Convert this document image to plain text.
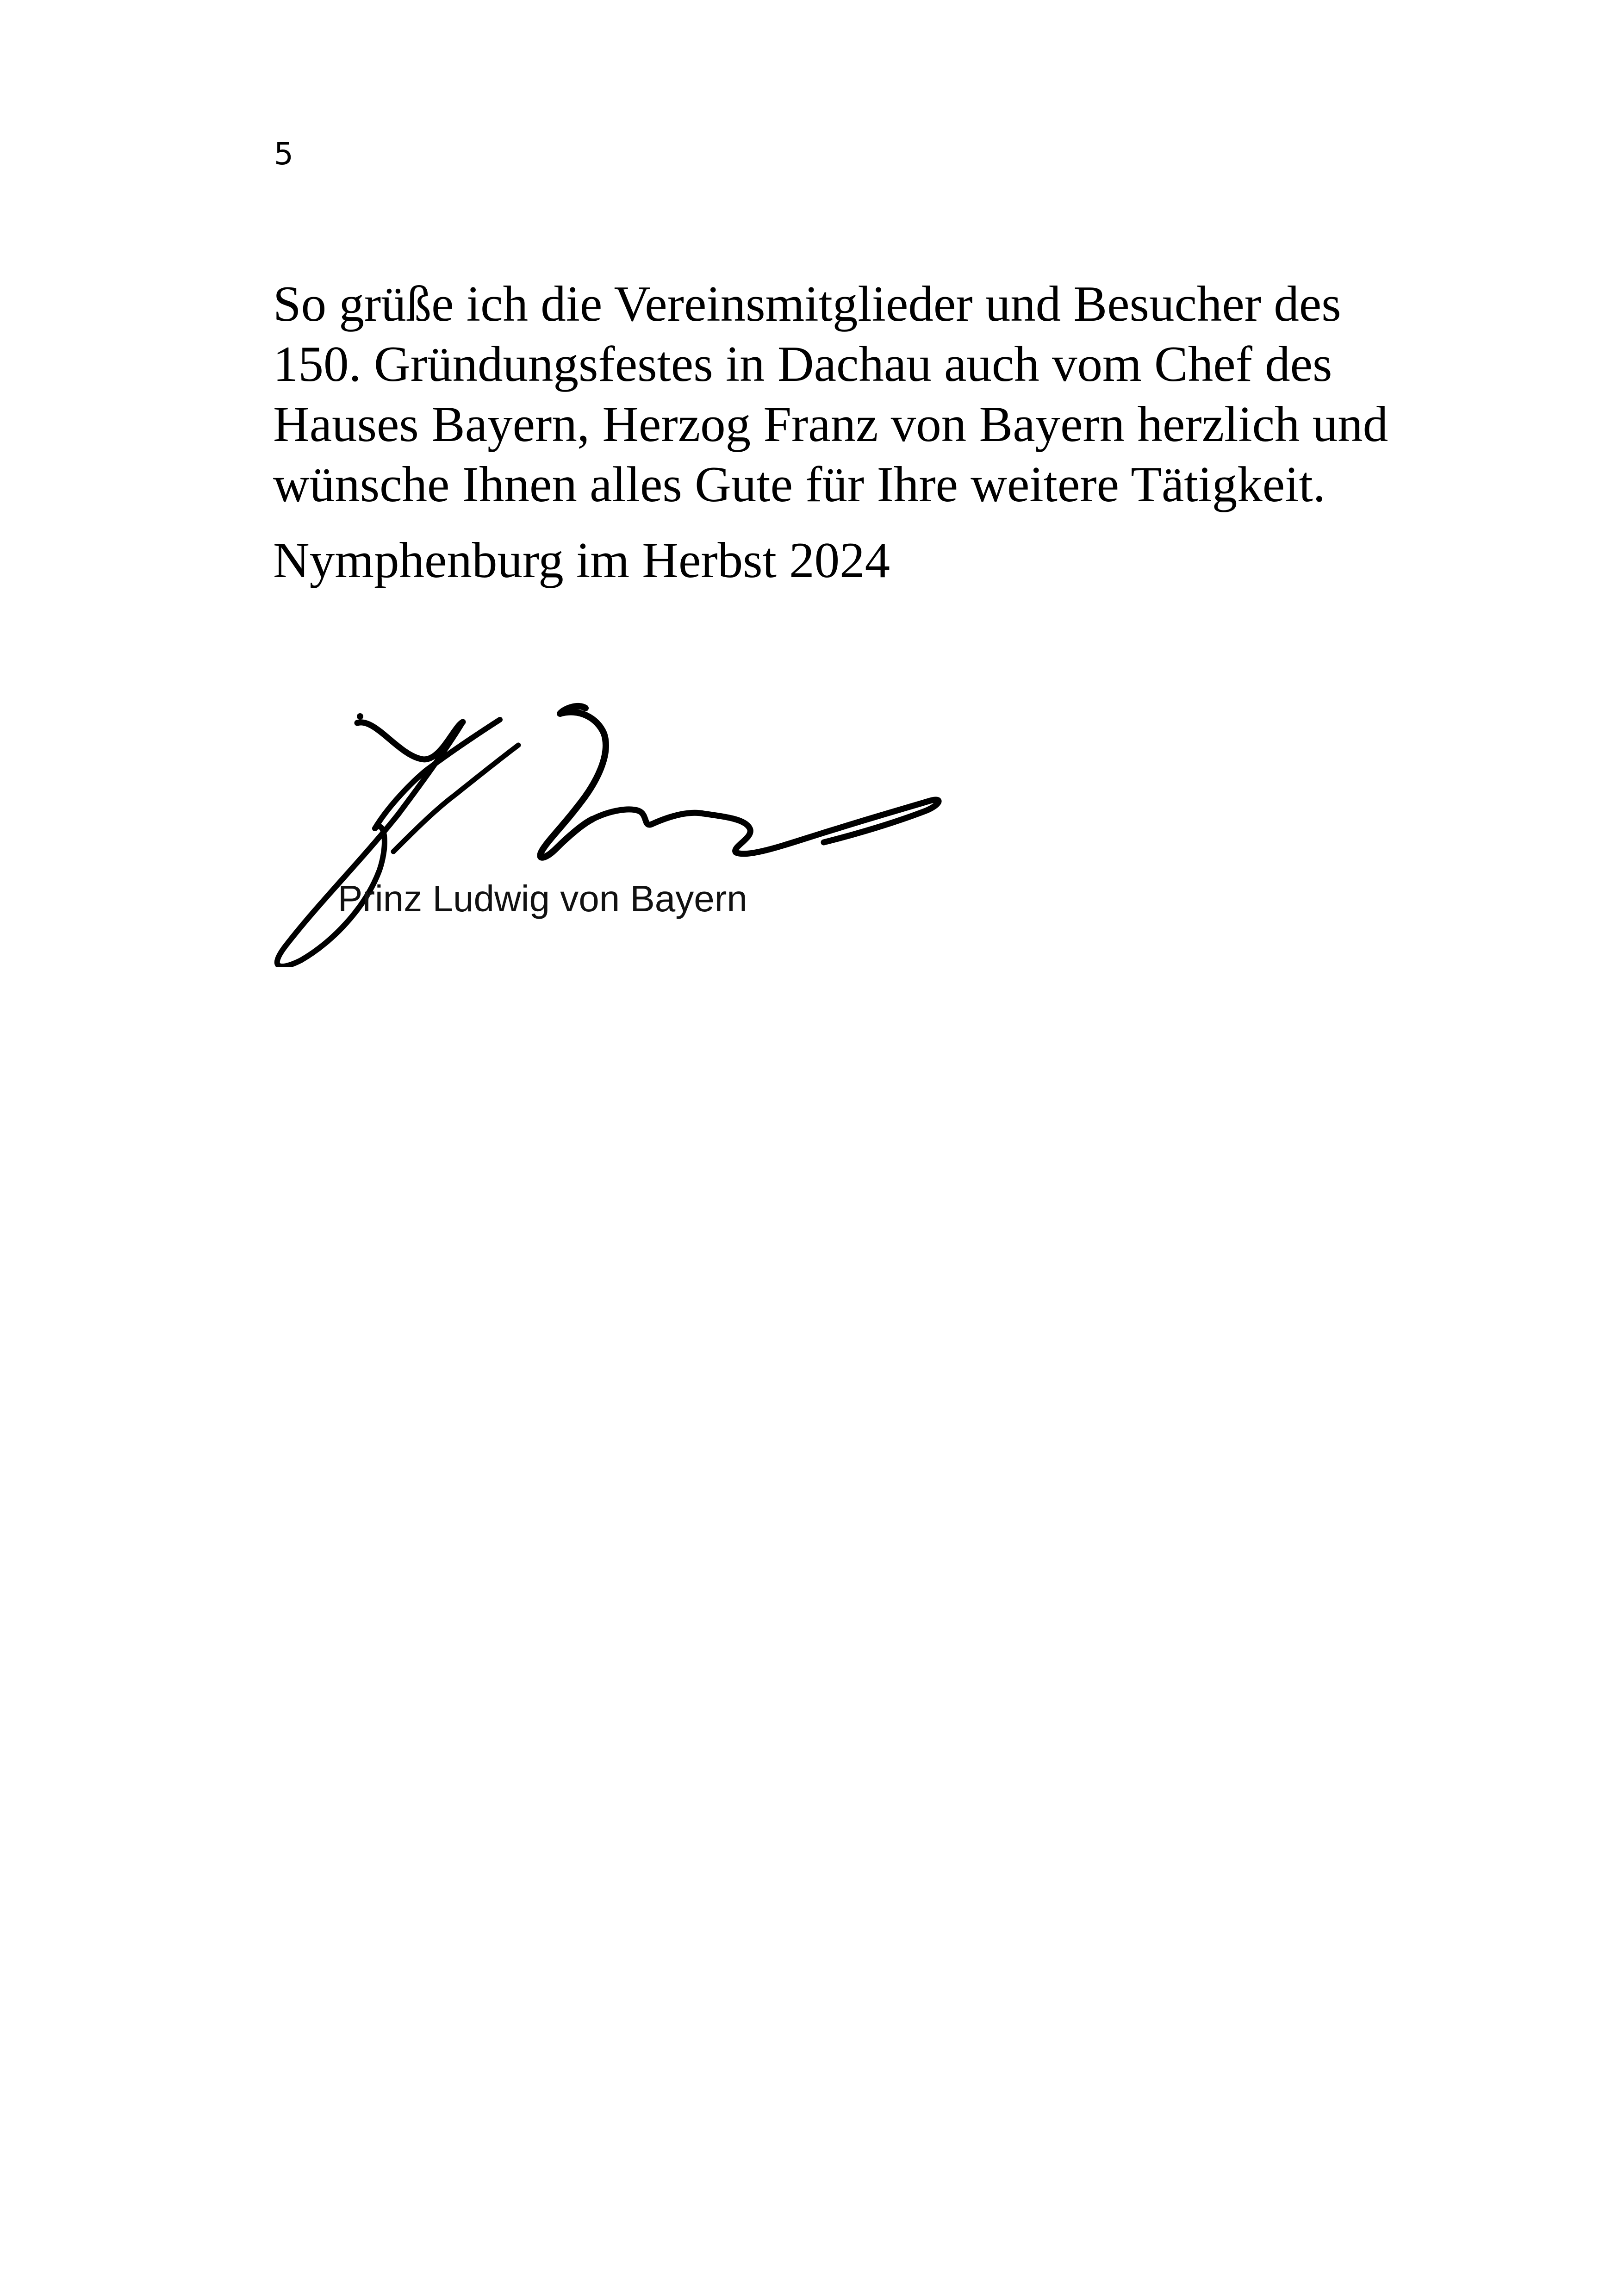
5

So grüße ich die Vereinsmitglieder und Besucher des
150. Gründungsfestes in Dachau auch vom Chef des
Hauses Bayern, Herzog Franz von Bayern herzlich und
wünsche Ihnen alles Gute für Ihre weitere Tätigkeit.

Nymphenburg im Herbst 2024

Prinz Ludwig von Bayern
